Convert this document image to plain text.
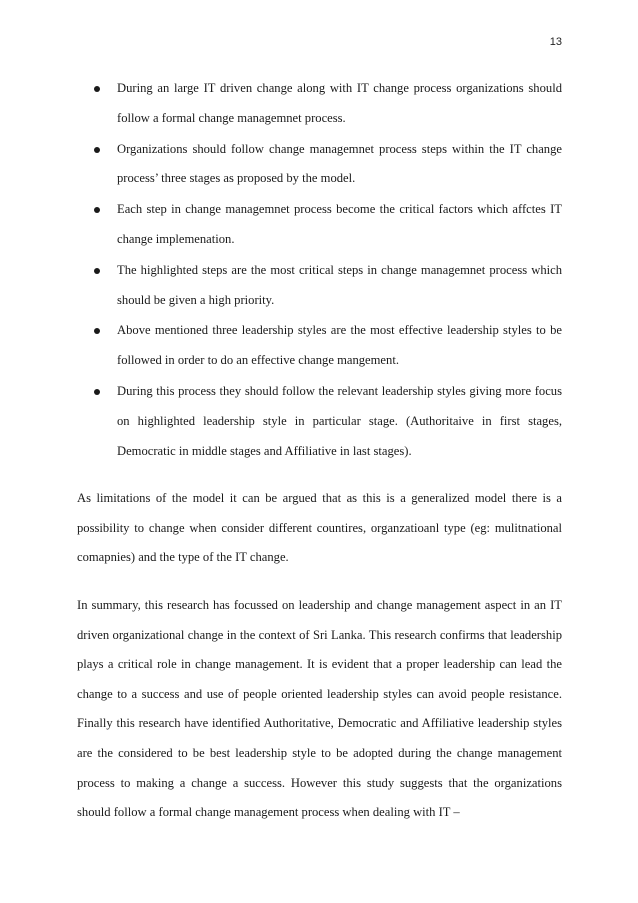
13
During an large IT driven change along with IT change process organizations should follow a formal change managemnet process.
Organizations should follow change managemnet process steps within the IT change process’ three stages as proposed by the model.
Each step in change managemnet process become the critical factors which affctes IT change implemenation.
The highlighted steps are the most critical steps in change managemnet process which should be given a high priority.
Above mentioned three leadership styles are the most effective leadership styles to be followed in order to do an effective change mangement.
During this process they should follow the relevant leadership styles giving more focus on highlighted leadership style in particular stage. (Authoritaive in first stages, Democratic in middle stages and Affiliative in last stages).

As limitations of the model it can be argued that as this is a generalized model there is a possibility to change when consider different countires, organzatioanl type (eg: mulitnational comapnies) and the type of the IT change.

In summary, this research has focussed on leadership and change management aspect in an IT driven organizational change in the context of Sri Lanka. This research confirms that leadership plays a critical role in change management. It is evident that a proper leadership can lead the change to a success and use of people oriented leadership styles can avoid people resistance. Finally this research have identified Authoritative, Democratic and Affiliative leadership styles are the considered to be best leadership style to be adopted during the change management process to making a change a success. However this study suggests that the organizations should follow a formal change management process when dealing with IT –
